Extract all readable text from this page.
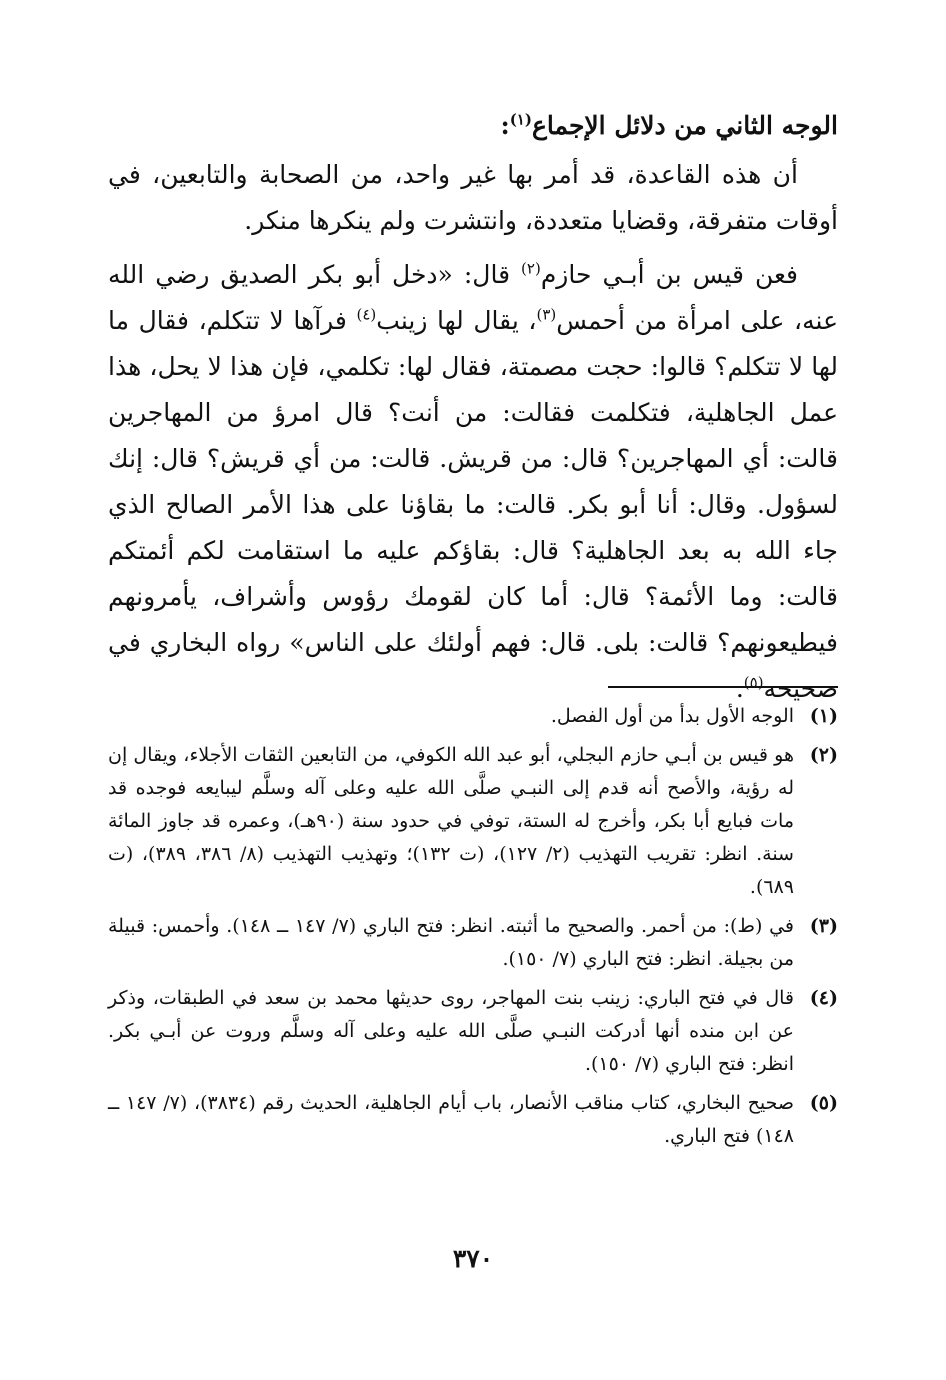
الوجه الثاني من دلائل الإجماع$^{(١)}$:

أن هذه القاعدة، قد أمر بها غير واحد، من الصحابة والتابعين، في أوقات متفرقة، وقضايا متعددة، وانتشرت ولم ينكرها منكر.

فعن قيس بن أبـي حازم$^{(٢)}$ قال: «دخل أبو بكر الصديق رضي الله عنه، على امرأة من أحمس$^{(٣)}$، يقال لها زينب$^{(٤)}$ فرآها لا تتكلم، فقال ما لها لا تتكلم؟ قالوا: حجت مصمتة، فقال لها: تكلمي، فإن هذا لا يحل، هذا عمل الجاهلية، فتكلمت فقالت: من أنت؟ قال امرؤ من المهاجرين قالت: أي المهاجرين؟ قال: من قريش. قالت: من أي قريش؟ قال: إنك لسؤول. وقال: أنا أبو بكر. قالت: ما بقاؤنا على هذا الأمر الصالح الذي جاء الله به بعد الجاهلية؟ قال: بقاؤكم عليه ما استقامت لكم أئمتكم قالت: وما الأئمة؟ قال: أما كان لقومك رؤوس وأشراف، يأمرونهم فيطيعونهم؟ قالت: بلى. قال: فهم أولئك على الناس» رواه البخاري في صحيحه$^{(٥)}$.

(١)
الوجه الأول بدأ من أول الفصل.
(٢)
هو قيس بن أبـي حازم البجلي، أبو عبد الله الكوفي، من التابعين الثقات الأجلاء، ويقال إن له رؤية، والأصح أنه قدم إلى النبـي صلَّى الله عليه وعلى آله وسلَّم ليبايعه فوجده قد مات فبايع أبا بكر، وأخرج له الستة، توفي في حدود سنة (٩٠هـ)، وعمره قد جاوز المائة سنة. انظر: تقريب التهذيب (٢/ ١٢٧)، (ت ١٣٢)؛ وتهذيب التهذيب (٨/ ٣٨٦، ٣٨٩)، (ت ٦٨٩).
(٣)
في (ط): من أحمر. والصحيح ما أثبته. انظر: فتح الباري (٧/ ١٤٧ ــ ١٤٨). وأحمس: قبيلة من بجيلة. انظر: فتح الباري (٧/ ١٥٠).
(٤)
قال في فتح الباري: زينب بنت المهاجر، روى حديثها محمد بن سعد في الطبقات، وذكر عن ابن منده أنها أدركت النبـي صلَّى الله عليه وعلى آله وسلَّم وروت عن أبـي بكر. انظر: فتح الباري (٧/ ١٥٠).
(٥)
صحيح البخاري، كتاب مناقب الأنصار، باب أيام الجاهلية، الحديث رقم (٣٨٣٤)، (٧/ ١٤٧ ــ ١٤٨) فتح الباري.
٣٧٠
